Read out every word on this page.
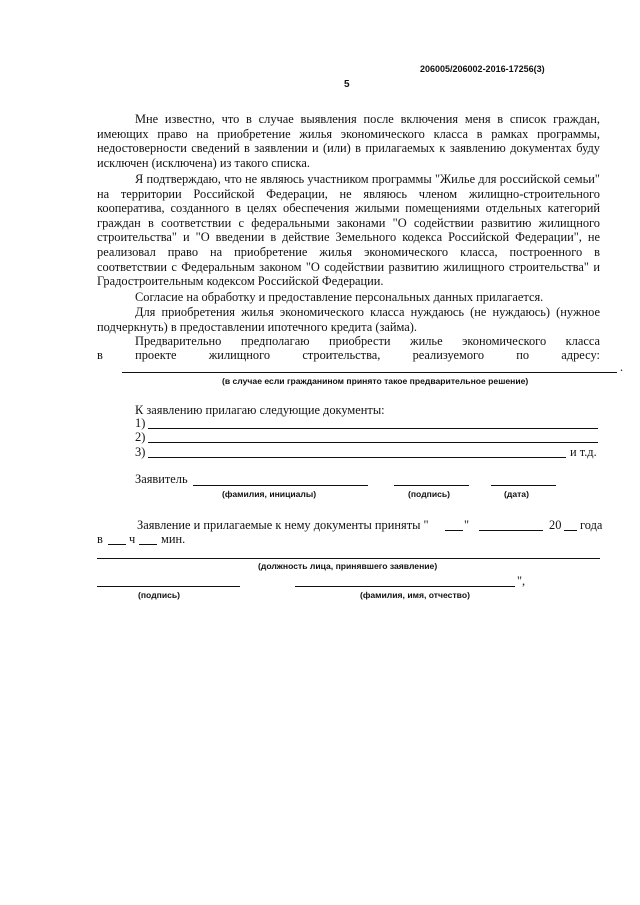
206005/206002-2016-17256(3)
5

Мне известно, что в случае выявления после включения меня в список граждан, имеющих право на приобретение жилья экономического класса в рамках программы, недостоверности сведений в заявлении и (или) в прилагаемых к заявлению документах буду исключен (исключена) из такого списка.

Я подтверждаю, что не являюсь участником программы "Жилье для российской семьи" на территории Российской Федерации, не являюсь членом жилищно-строительного кооператива, созданного в целях обеспечения жилыми помещениями отдельных категорий граждан в соответствии с федеральными законами "О содействии развитию жилищного строительства" и "О введении в действие Земельного кодекса Российской Федерации", не реализовал право на приобретение жилья экономического класса, построенного в соответствии с Федеральным законом "О содействии развитию жилищного строительства" и Градостроительным кодексом Российской Федерации.

Согласие на обработку и предоставление персональных данных прилагается.

Для приобретения жилья экономического класса нуждаюсь (не нуждаюсь) (нужное подчеркнуть) в предоставлении ипотечного кредита (займа).

Предварительно предполагаю приобрести жилье экономического класса
в	проекте	жилищного	строительства,	реализуемого	по	адресу:
.
(в случае если гражданином принято такое предварительное решение)
К заявлению прилагаю следующие документы:
1)
2)
3)	и т.д.
Заявитель
(фамилия, инициалы)	(подпись)	(дата)
Заявление и прилагаемые к нему документы приняты "	"	20 года
в ч мин.
(должность лица, принявшего заявление)
",
(подпись)	(фамилия, имя, отчество)
